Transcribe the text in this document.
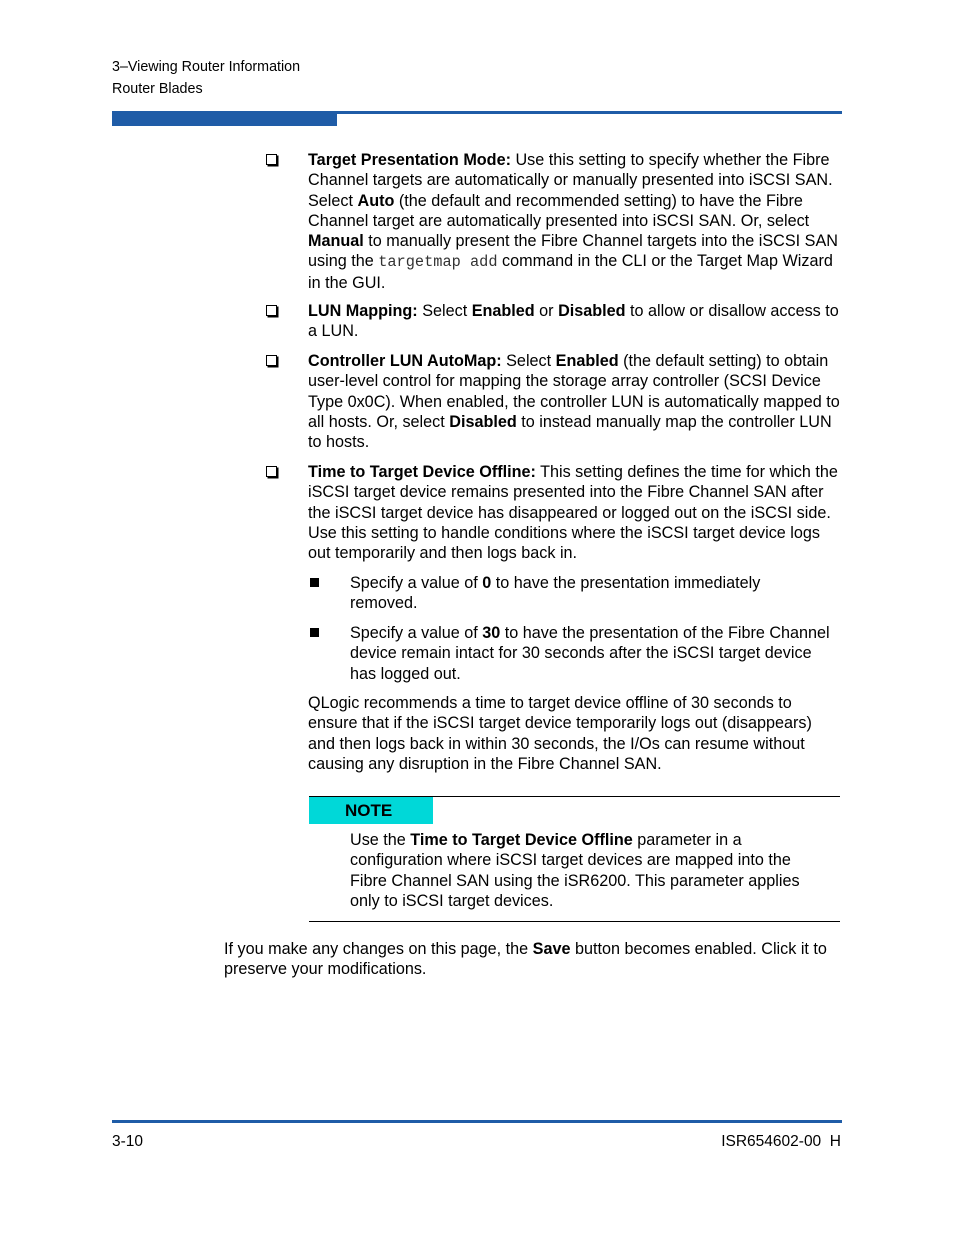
3–Viewing Router Information
Router Blades

Target Presentation Mode: Use this setting to specify whether the Fibre Channel targets are automatically or manually presented into iSCSI SAN. Select Auto (the default and recommended setting) to have the Fibre Channel target are automatically presented into iSCSI SAN. Or, select Manual to manually present the Fibre Channel targets into the iSCSI SAN using the targetmap add command in the CLI or the Target Map Wizard in the GUI.

LUN Mapping: Select Enabled or Disabled to allow or disallow access to a LUN.

Controller LUN AutoMap: Select Enabled (the default setting) to obtain user-level control for mapping the storage array controller (SCSI Device Type 0x0C). When enabled, the controller LUN is automatically mapped to all hosts. Or, select Disabled to instead manually map the controller LUN to hosts.

Time to Target Device Offline: This setting defines the time for which the iSCSI target device remains presented into the Fibre Channel SAN after the iSCSI target device has disappeared or logged out on the iSCSI side. Use this setting to handle conditions where the iSCSI target device logs out temporarily and then logs back in.

Specify a value of 0 to have the presentation immediately removed.

Specify a value of 30 to have the presentation of the Fibre Channel device remain intact for 30 seconds after the iSCSI target device has logged out.

QLogic recommends a time to target device offline of 30 seconds to ensure that if the iSCSI target device temporarily logs out (disappears) and then logs back in within 30 seconds, the I/Os can resume without causing any disruption in the Fibre Channel SAN.

NOTE

Use the Time to Target Device Offline parameter in a configuration where iSCSI target devices are mapped into the Fibre Channel SAN using the iSR6200. This parameter applies only to iSCSI target devices.

If you make any changes on this page, the Save button becomes enabled. Click it to preserve your modifications.

3-10	ISR654602-00  H
